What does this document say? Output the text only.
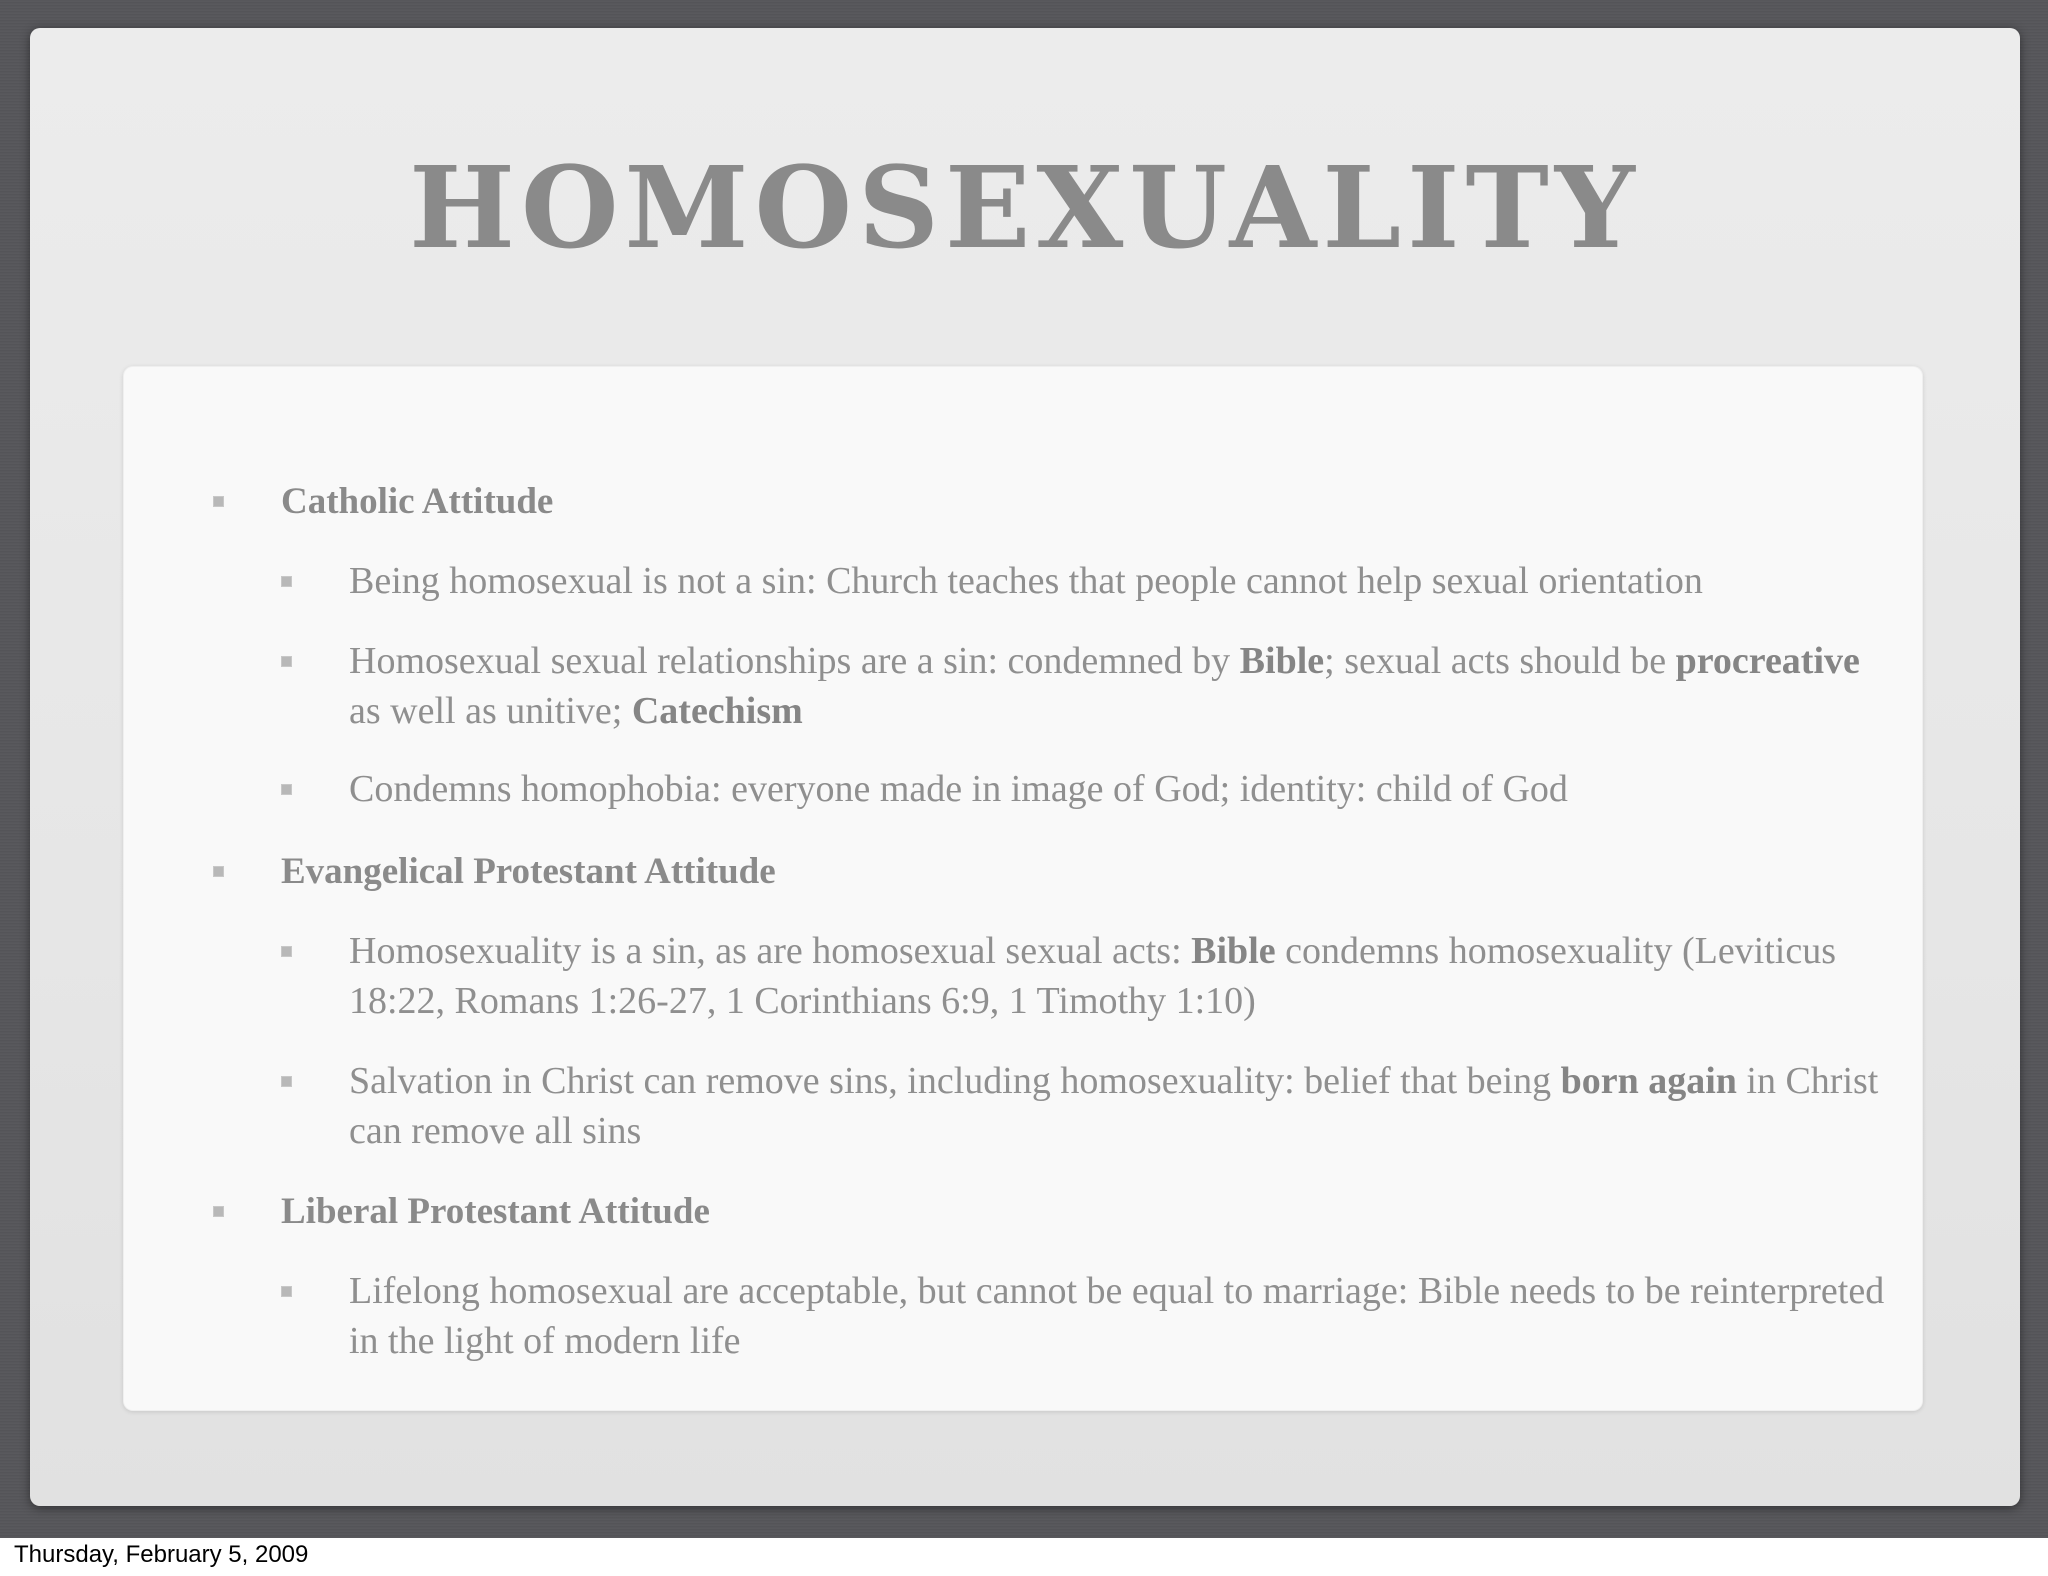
HOMOSEXUALITY
Catholic Attitude
Being homosexual is not a sin: Church teaches that people cannot help sexual orientation
Homosexual sexual relationships are a sin: condemned by Bible; sexual acts should be procreative as well as unitive; Catechism
Condemns homophobia: everyone made in image of God; identity: child of God
Evangelical Protestant Attitude
Homosexuality is a sin, as are homosexual sexual acts: Bible condemns homosexuality (Leviticus 18:22, Romans 1:26-27, 1 Corinthians 6:9, 1 Timothy 1:10)
Salvation in Christ can remove sins, including homosexuality: belief that being born again in Christ can remove all sins
Liberal Protestant Attitude
Lifelong homosexual are acceptable, but cannot be equal to marriage: Bible needs to be reinterpreted in the light of modern life
Thursday, February 5, 2009
